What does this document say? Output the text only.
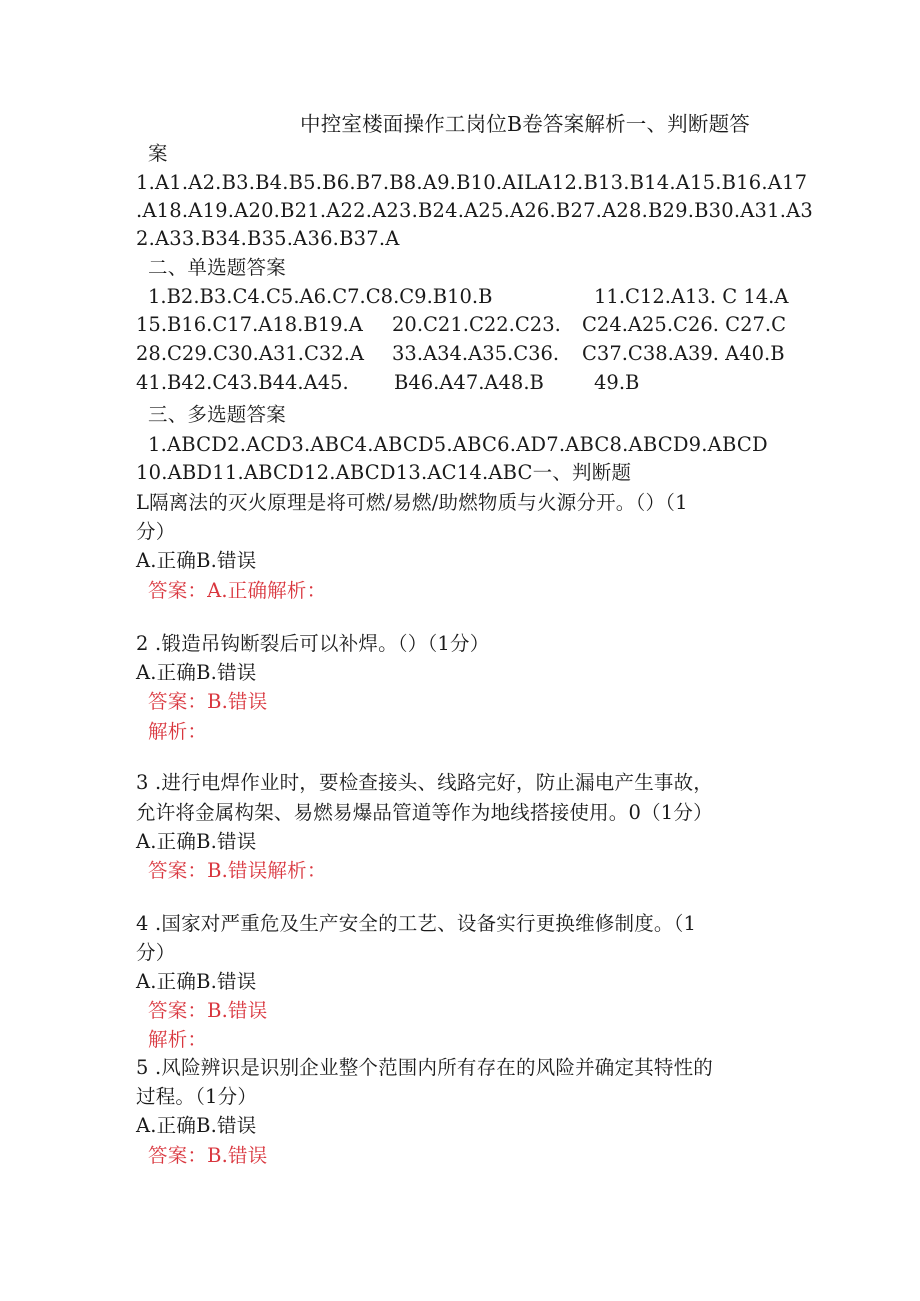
中控室楼面操作工岗位B卷答案解析一、判断题答
案
1.A1.A2.B3.B4.B5.B6.B7.B8.A9.B10.AILA12.B13.B14.A15.B16.A17
.A18.A19.A20.B21.A22.A23.B24.A25.A26.B27.A28.B29.B30.A31.A3
2.A33.B34.B35.A36.B37.A
二、单选题答案
1.B2.B3.C4.C5.A6.C7.C8.C9.B10.B	11.C12.A13. C 14.A
15.B16.C17.A18.B19.A 20.C21.C22.C23. C24.A25.C26. C27.C
28.C29.C30.A31.C32.A 33.A34.A35.C36. C37.C38.A39. A40.B
41.B42.C43.B44.A45. B46.A47.A48.B	49.B
三、多选题答案
1.ABCD2.ACD3.ABC4.ABCD5.ABC6.AD7.ABC8.ABCD9.ABCD
10.ABD11.ABCD12.ABCD13.AC14.ABC一、判断题
L隔离法的灭火原理是将可燃/易燃/助燃物质与火源分开。（）（1
分）
A.正确B.错误
答案：A.正确解析：
2 .锻造吊钩断裂后可以补焊。（）（1分）
A.正确B.错误
答案：B.错误
解析：
3 .进行电焊作业时，要检查接头、线路完好，防止漏电产生事故，
允许将金属构架、易燃易爆品管道等作为地线搭接使用。0（1分）
A.正确B.错误
答案：B.错误解析：
4 .国家对严重危及生产安全的工艺、设备实行更换维修制度。（1
分）
A.正确B.错误
答案：B.错误
解析：
5 .风险辨识是识别企业整个范围内所有存在的风险并确定其特性的
过程。（1分）
A.正确B.错误
答案：B.错误
